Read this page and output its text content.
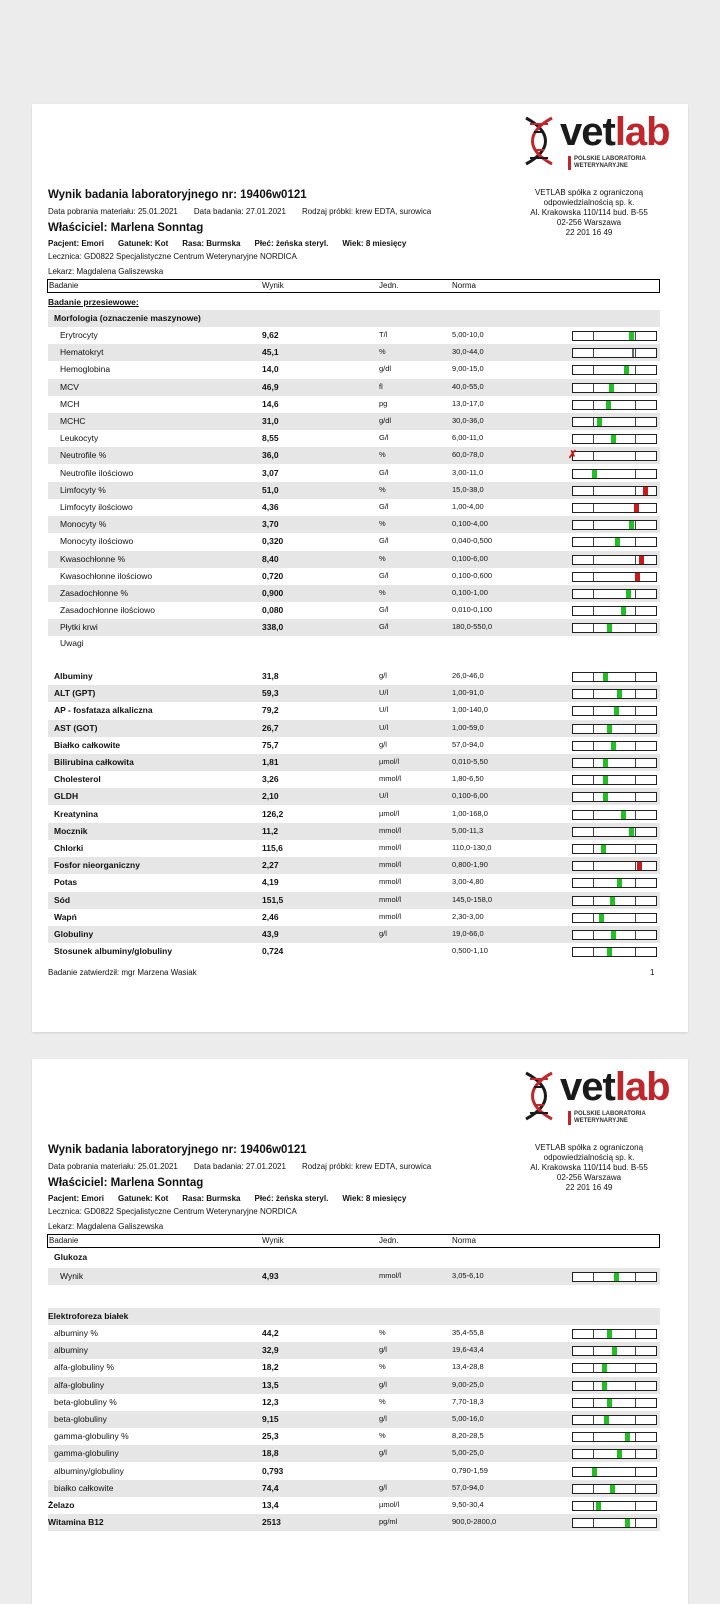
vetlab
POLSKIE LABORATORIA
WETERYNARYJNE
VETLAB spółka z ograniczoną
odpowiedzialnością sp. k.
Al. Krakowska 110/114 bud. B-55
02-256 Warszawa
22 201 16 49
Wynik badania laboratoryjnego nr: 19406w0121
Data pobrania materiału: 25.01.2021 Data badania: 27.01.2021 Rodzaj próbki: krew EDTA, surowica
Właściciel: Marlena Sonntag
Pacjent: Emori Gatunek: Kot Rasa: Burmska Płeć: żeńska steryl. Wiek: 8 miesięcy
Lecznica: GD0822 Specjalistyczne Centrum Weterynaryjne NORDICA
Lekarz: Magdalena Galiszewska
Badanie	Wynik	Jedn.	Norma
Badanie przesiewowe:
Morfologia (oznaczenie maszynowe)
Erytrocyty	9,62	T/l	5,00-10,0
Hematokryt	45,1	%	30,0-44,0
Hemoglobina	14,0	g/dl	9,00-15,0
MCV	46,9	fl	40,0-55,0
MCH	14,6	pg	13,0-17,0
MCHC	31,0	g/dl	30,0-36,0
Leukocyty	8,55	G/l	6,00-11,0
Neutrofile %	36,0	%	60,0-78,0	✗
Neutrofile ilościowo	3,07	G/l	3,00-11,0
Limfocyty %	51,0	%	15,0-38,0
Limfocyty ilościowo	4,36	G/l	1,00-4,00
Monocyty %	3,70	%	0,100-4,00
Monocyty ilościowo	0,320	G/l	0,040-0,500
Kwasochłonne %	8,40	%	0,100-6,00
Kwasochłonne ilościowo	0,720	G/l	0,100-0,600
Zasadochłonne %	0,900	%	0,100-1,00
Zasadochłonne ilościowo	0,080	G/l	0,010-0,100
Płytki krwi	338,0	G/l	180,0-550,0
Uwagi
Albuminy	31,8	g/l	26,0-46,0
ALT (GPT)	59,3	U/l	1,00-91,0
AP - fosfataza alkaliczna	79,2	U/l	1,00-140,0
AST (GOT)	26,7	U/l	1,00-59,0
Białko całkowite	75,7	g/l	57,0-94,0
Bilirubina całkowita	1,81	µmol/l	0,010-5,50
Cholesterol	3,26	mmol/l	1,80-6,50
GLDH	2,10	U/l	0,100-6,00
Kreatynina	126,2	µmol/l	1,00-168,0
Mocznik	11,2	mmol/l	5,00-11,3
Chlorki	115,6	mmol/l	110,0-130,0
Fosfor nieorganiczny	2,27	mmol/l	0,800-1,90
Potas	4,19	mmol/l	3,00-4,80
Sód	151,5	mmol/l	145,0-158,0
Wapń	2,46	mmol/l	2,30-3,00
Globuliny	43,9	g/l	19,0-66,0
Stosunek albuminy/globuliny	0,724	0,500-1,10
Badanie zatwierdził: mgr Marzena Wasiak	1
vetlab
POLSKIE LABORATORIA
WETERYNARYJNE
VETLAB spółka z ograniczoną
odpowiedzialnością sp. k.
Al. Krakowska 110/114 bud. B-55
02-256 Warszawa
22 201 16 49
Wynik badania laboratoryjnego nr: 19406w0121
Data pobrania materiału: 25.01.2021 Data badania: 27.01.2021 Rodzaj próbki: krew EDTA, surowica
Właściciel: Marlena Sonntag
Pacjent: Emori Gatunek: Kot Rasa: Burmska Płeć: żeńska steryl. Wiek: 8 miesięcy
Lecznica: GD0822 Specjalistyczne Centrum Weterynaryjne NORDICA
Lekarz: Magdalena Galiszewska
Badanie	Wynik	Jedn.	Norma
Glukoza
Wynik	4,93	mmol/l	3,05-6,10
Elektroforeza białek
albuminy %	44,2	%	35,4-55,8
albuminy	32,9	g/l	19,6-43,4
alfa-globuliny %	18,2	%	13,4-28,8
alfa-globuliny	13,5	g/l	9,00-25,0
beta-globuliny %	12,3	%	7,70-18,3
beta-globuliny	9,15	g/l	5,00-16,0
gamma-globuliny %	25,3	%	8,20-28,5
gamma-globuliny	18,8	g/l	5,00-25,0
albuminy/globuliny	0,793	0,790-1,59
białko całkowite	74,4	g/l	57,0-94,0
Żelazo	13,4	µmol/l	9,50-30,4
Witamina B12	2513	pg/ml	900,0-2800,0
